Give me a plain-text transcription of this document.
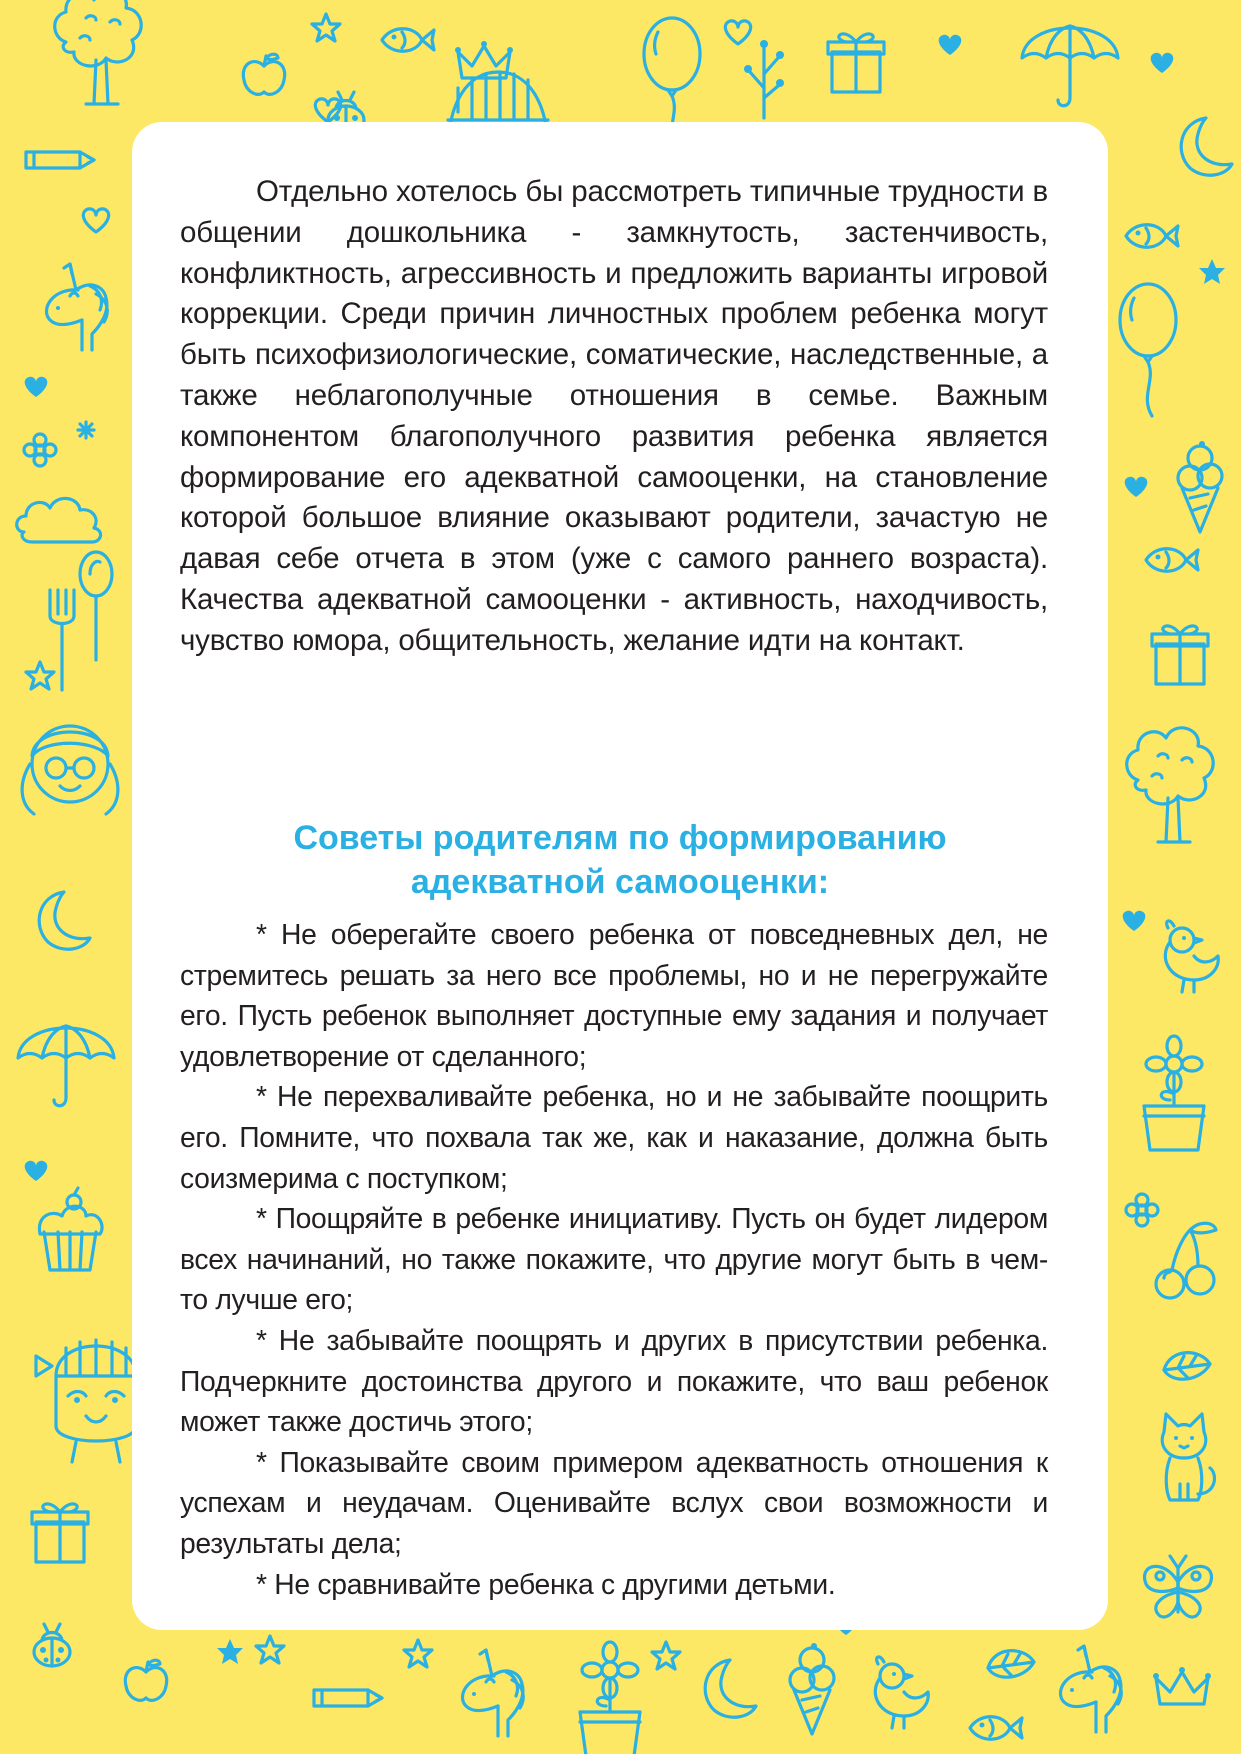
Отдельно хотелось бы рассмотреть типичные трудности в общении дошкольника - замкнутость, застенчивость, конфликтность, агрессивность и предложить варианты игровой коррекции. Среди причин личностных проблем ребенка могут быть психофизиологические, соматические, наследственные, а также неблагополучные отношения в семье. Важным компонентом благополучного развития ребенка является формирование его адекватной самооценки, на становление которой большое влияние оказывают родители, зачастую не давая себе отчета в этом (уже с самого раннего возраста). Качества адекватной самооценки - активность, находчивость, чувство юмора, общительность, желание идти на контакт.

Советы родителям по формированию
адекватной самооценки:
* Не оберегайте своего ребенка от повседневных дел, не стремитесь решать за него все проблемы, но и не перегружайте его. Пусть ребенок выполняет доступные ему задания и получает удовлетворение от сделанного;
* Не перехваливайте ребенка, но и не забывайте поощрить его. Помните, что похвала так же, как и наказание, должна быть соизмерима с поступком;
* Поощряйте в ребенке инициативу. Пусть он будет лидером всех начинаний, но также покажите, что другие могут быть в чем-то лучше его;
* Не забывайте поощрять и других в присутствии ребенка. Подчеркните достоинства другого и покажите, что ваш ребенок может также достичь этого;
* Показывайте своим примером адекватность отношения к успехам и неудачам. Оценивайте вслух свои возможности и результаты дела;
* Не сравнивайте ребенка с другими детьми.
